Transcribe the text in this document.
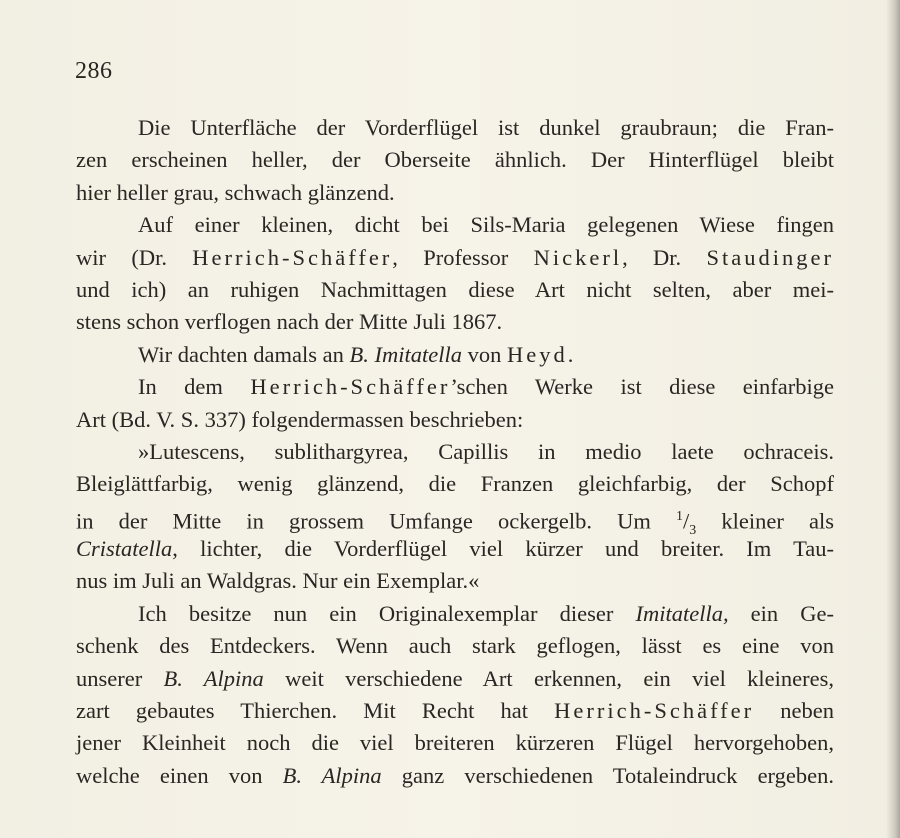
286
Die Unterfläche der Vorderflügel ist dunkel graubraun; die Fran-
zen erscheinen heller, der Oberseite ähnlich. Der Hinterflügel bleibt
hier heller grau, schwach glänzend.
Auf einer kleinen, dicht bei Sils-Maria gelegenen Wiese fingen
wir (Dr. Herrich-Schäffer, Professor Nickerl, Dr. Staudinger
und ich) an ruhigen Nachmittagen diese Art nicht selten, aber mei-
stens schon verflogen nach der Mitte Juli 1867.
Wir dachten damals an B. Imitatella von Heyd.
In dem Herrich-Schäffer’schen Werke ist diese einfarbige
Art (Bd. V. S. 337) folgendermassen beschrieben:
»Lutescens, sublithargyrea, Capillis in medio laete ochraceis.
Bleiglättfarbig, wenig glänzend, die Franzen gleichfarbig, der Schopf
in der Mitte in grossem Umfange ockergelb. Um $^1/_3$ kleiner als
Cristatella, lichter, die Vorderflügel viel kürzer und breiter. Im Tau-
nus im Juli an Waldgras. Nur ein Exemplar.«
Ich besitze nun ein Originalexemplar dieser Imitatella, ein Ge-
schenk des Entdeckers. Wenn auch stark geflogen, lässt es eine von
unserer B. Alpina weit verschiedene Art erkennen, ein viel kleineres,
zart gebautes Thierchen. Mit Recht hat Herrich-Schäffer neben
jener Kleinheit noch die viel breiteren kürzeren Flügel hervorgehoben,
welche einen von B. Alpina ganz verschiedenen Totaleindruck ergeben.
